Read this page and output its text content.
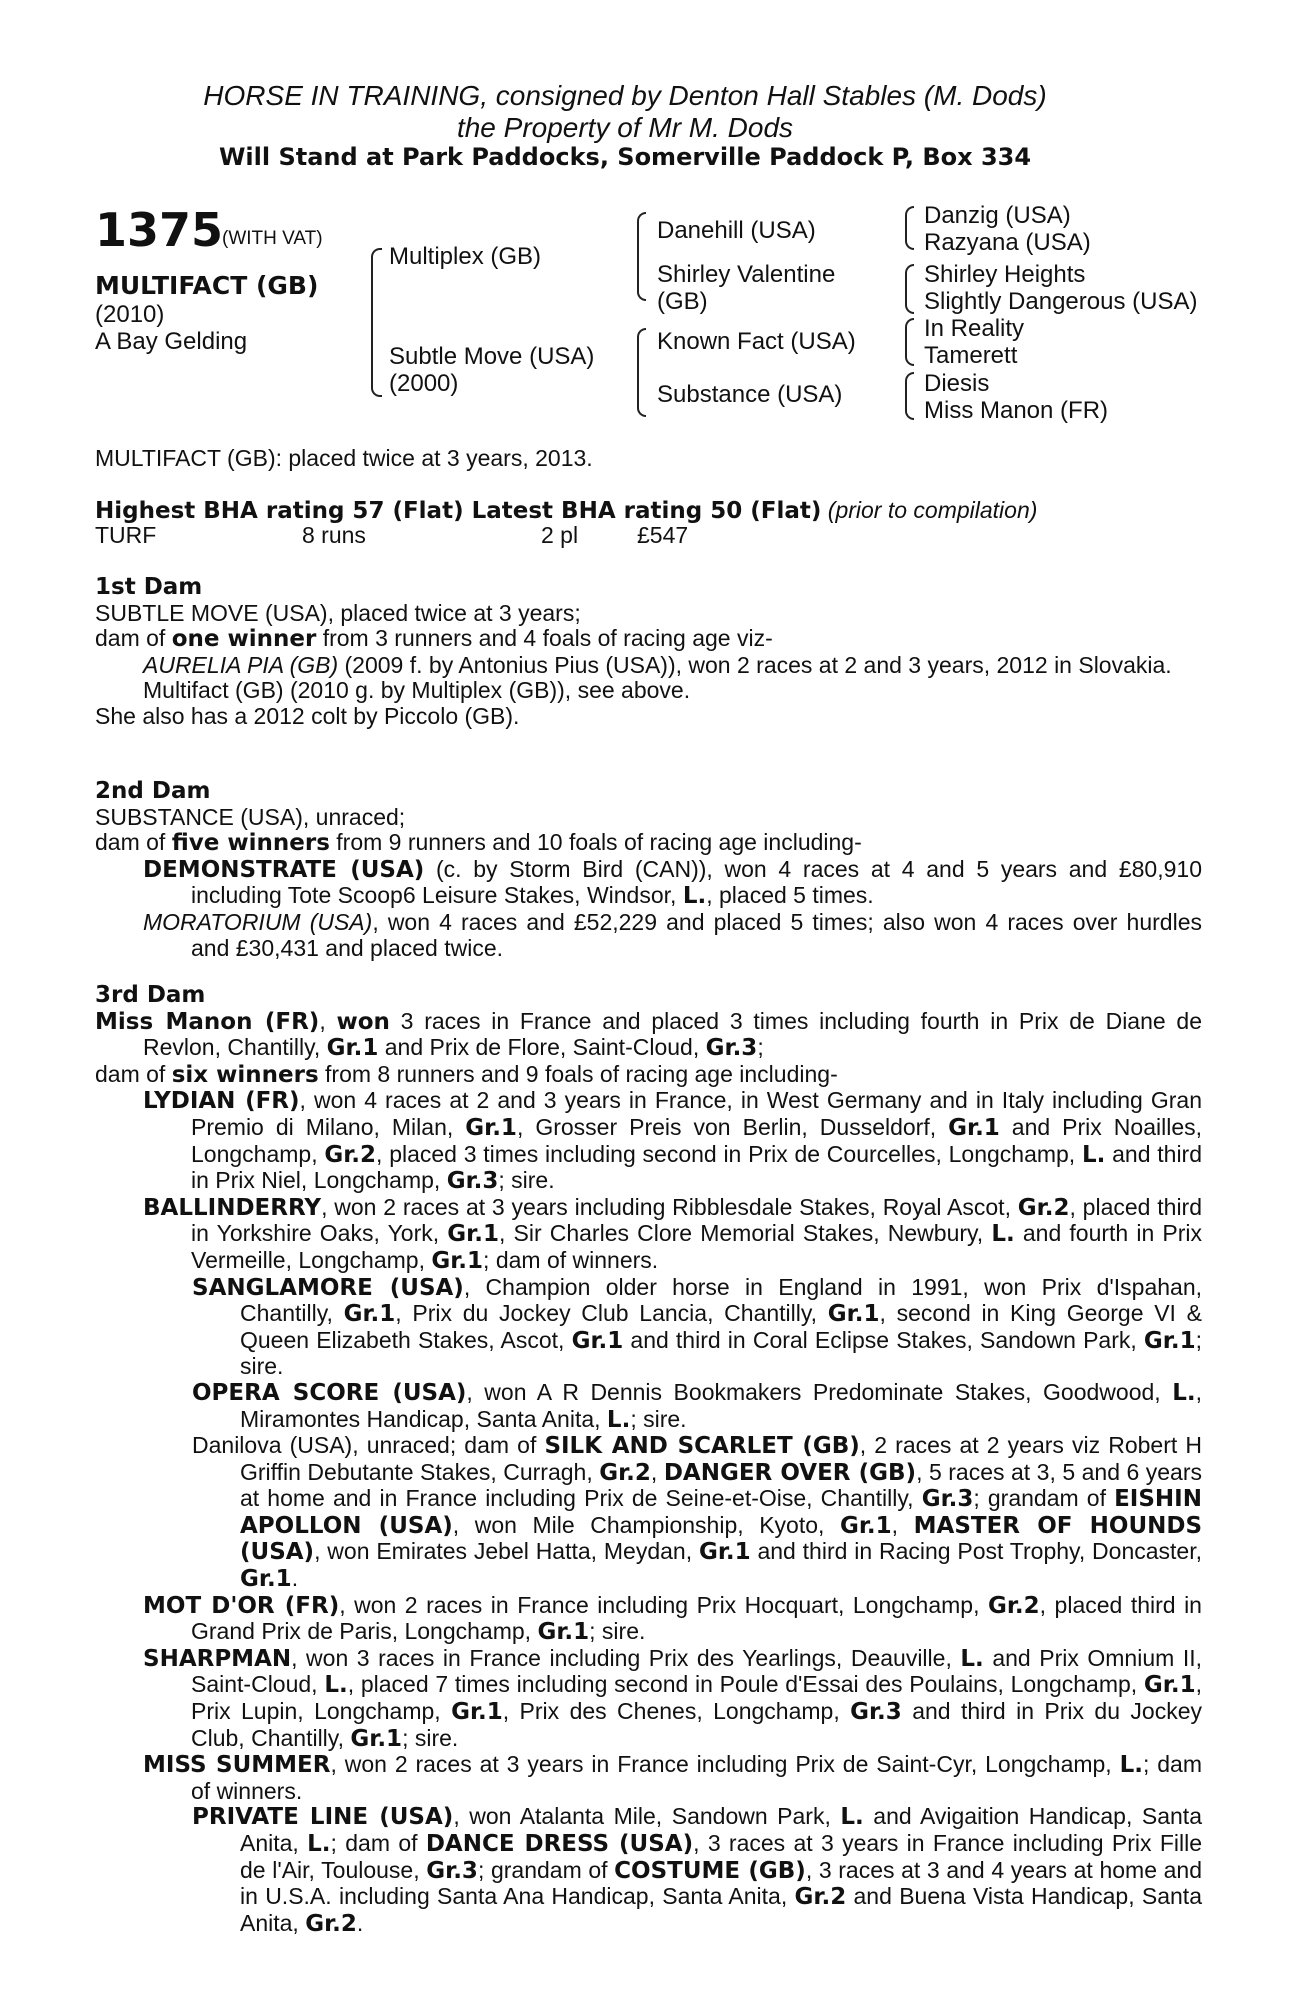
HORSE IN TRAINING, consigned by Denton Hall Stables (M. Dods)
the Property of Mr M. Dods
Will Stand at Park Paddocks, Somerville Paddock P, Box 334
1375
(WITH VAT)
MULTIFACT (GB)
(2010)
A Bay Gelding
Multiplex (GB)
Subtle Move (USA)
(2000)
Danehill (USA)
Shirley Valentine
(GB)
Known Fact (USA)
Substance (USA)
Danzig (USA)
Razyana (USA)
Shirley Heights
Slightly Dangerous (USA)
In Reality
Tamerett
Diesis
Miss Manon (FR)
MULTIFACT (GB): placed twice at 3 years, 2013.
Highest BHA rating 57 (Flat) Latest BHA rating 50 (Flat) (prior to compilation)
TURF	8 runs	2 pl	£547

1st Dam

SUBTLE MOVE (USA), placed twice at 3 years;

dam of one winner from 3 runners and 4 foals of racing age viz-

AURELIA PIA (GB) (2009 f. by Antonius Pius (USA)), won 2 races at 2 and 3 years, 2012 in Slovakia.

Multifact (GB) (2010 g. by Multiplex (GB)), see above.

She also has a 2012 colt by Piccolo (GB).

2nd Dam

SUBSTANCE (USA), unraced;

dam of five winners from 9 runners and 10 foals of racing age including-

DEMONSTRATE (USA) (c. by Storm Bird (CAN)), won 4 races at 4 and 5 years and £80,910 including Tote Scoop6 Leisure Stakes, Windsor, L., placed 5 times.

MORATORIUM (USA), won 4 races and £52,229 and placed 5 times; also won 4 races over hurdles and £30,431 and placed twice.

3rd Dam

Miss Manon (FR), won 3 races in France and placed 3 times including fourth in Prix de Diane de Revlon, Chantilly, Gr.1 and Prix de Flore, Saint-Cloud, Gr.3;

dam of six winners from 8 runners and 9 foals of racing age including-

LYDIAN (FR), won 4 races at 2 and 3 years in France, in West Germany and in Italy including Gran Premio di Milano, Milan, Gr.1, Grosser Preis von Berlin, Dusseldorf, Gr.1 and Prix Noailles, Longchamp, Gr.2, placed 3 times including second in Prix de Courcelles, Longchamp, L. and third in Prix Niel, Longchamp, Gr.3; sire.

BALLINDERRY, won 2 races at 3 years including Ribblesdale Stakes, Royal Ascot, Gr.2, placed third in Yorkshire Oaks, York, Gr.1, Sir Charles Clore Memorial Stakes, Newbury, L. and fourth in Prix Vermeille, Longchamp, Gr.1; dam of winners.

SANGLAMORE (USA), Champion older horse in England in 1991, won Prix d'Ispahan, Chantilly, Gr.1, Prix du Jockey Club Lancia, Chantilly, Gr.1, second in King George VI & Queen Elizabeth Stakes, Ascot, Gr.1 and third in Coral Eclipse Stakes, Sandown Park, Gr.1; sire.

OPERA SCORE (USA), won A R Dennis Bookmakers Predominate Stakes, Goodwood, L., Miramontes Handicap, Santa Anita, L.; sire.

Danilova (USA), unraced; dam of SILK AND SCARLET (GB), 2 races at 2 years viz Robert H Griffin Debutante Stakes, Curragh, Gr.2, DANGER OVER (GB), 5 races at 3, 5 and 6 years at home and in France including Prix de Seine-et-Oise, Chantilly, Gr.3; grandam of EISHIN APOLLON (USA), won Mile Championship, Kyoto, Gr.1, MASTER OF HOUNDS (USA), won Emirates Jebel Hatta, Meydan, Gr.1 and third in Racing Post Trophy, Doncaster, Gr.1.

MOT D'OR (FR), won 2 races in France including Prix Hocquart, Longchamp, Gr.2, placed third in Grand Prix de Paris, Longchamp, Gr.1; sire.

SHARPMAN, won 3 races in France including Prix des Yearlings, Deauville, L. and Prix Omnium II, Saint-Cloud, L., placed 7 times including second in Poule d'Essai des Poulains, Longchamp, Gr.1, Prix Lupin, Longchamp, Gr.1, Prix des Chenes, Longchamp, Gr.3 and third in Prix du Jockey Club, Chantilly, Gr.1; sire.

MISS SUMMER, won 2 races at 3 years in France including Prix de Saint-Cyr, Longchamp, L.; dam of winners.

PRIVATE LINE (USA), won Atalanta Mile, Sandown Park, L. and Avigaition Handicap, Santa Anita, L.; dam of DANCE DRESS (USA), 3 races at 3 years in France including Prix Fille de l'Air, Toulouse, Gr.3; grandam of COSTUME (GB), 3 races at 3 and 4 years at home and in U.S.A. including Santa Ana Handicap, Santa Anita, Gr.2 and Buena Vista Handicap, Santa Anita, Gr.2.
